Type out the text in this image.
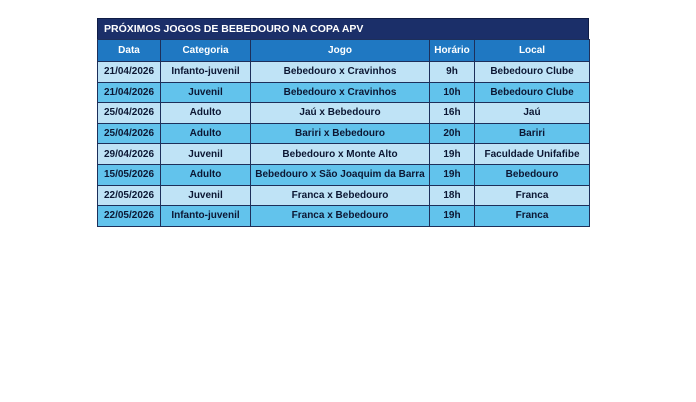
PRÓXIMOS JOGOS DE BEBEDOURO NA COPA APV
Data	Categoria	Jogo	Horário	Local
21/04/2026	Infanto-juvenil	Bebedouro x Cravinhos	9h	Bebedouro Clube
21/04/2026	Juvenil	Bebedouro x Cravinhos	10h	Bebedouro Clube
25/04/2026	Adulto	Jaú x Bebedouro	16h	Jaú
25/04/2026	Adulto	Bariri x Bebedouro	20h	Bariri
29/04/2026	Juvenil	Bebedouro x Monte Alto	19h	Faculdade Unifafibe
15/05/2026	Adulto	Bebedouro x São Joaquim da Barra	19h	Bebedouro
22/05/2026	Juvenil	Franca x Bebedouro	18h	Franca
22/05/2026	Infanto-juvenil	Franca x Bebedouro	19h	Franca
